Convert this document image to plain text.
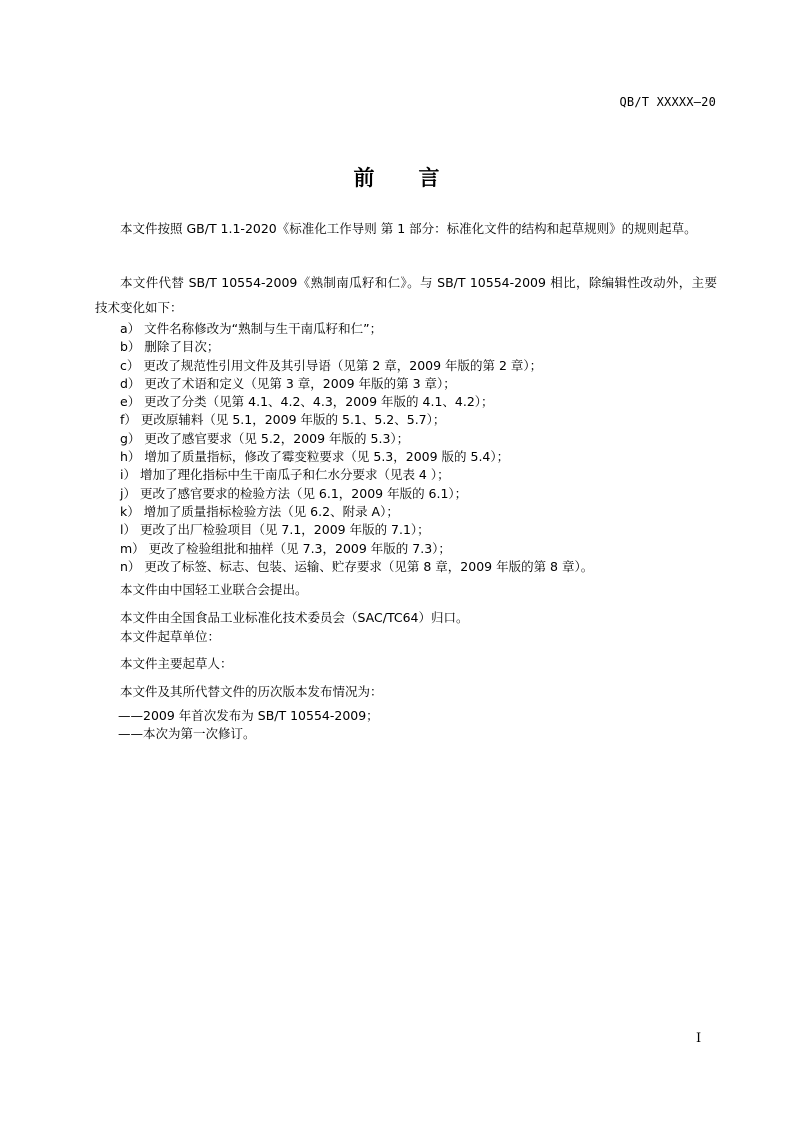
QB/T XXXXX—20
前言

本文件按照 GB/T 1.1-2020《标准化工作导则 第 1 部分：标准化文件的结构和起草规则》的规则起草。

本文件代替 SB/T 10554-2009《熟制南瓜籽和仁》。与 SB/T 10554-2009 相比，除编辑性改动外，主要技术变化如下：

a） 文件名称修改为“熟制与生干南瓜籽和仁”；
b） 删除了目次；
c） 更改了规范性引用文件及其引导语（见第 2 章，2009 年版的第 2 章）；
d） 更改了术语和定义（见第 3 章，2009 年版的第 3 章）；
e） 更改了分类（见第 4.1、4.2、4.3，2009 年版的 4.1、4.2）；
f） 更改原辅料（见 5.1，2009 年版的 5.1、5.2、5.7）；
g） 更改了感官要求（见 5.2，2009 年版的 5.3）；
h） 增加了质量指标，修改了霉变粒要求（见 5.3，2009 版的 5.4）；
i） 增加了理化指标中生干南瓜子和仁水分要求（见表 4 ）；
j） 更改了感官要求的检验方法（见 6.1，2009 年版的 6.1）；
k） 增加了质量指标检验方法（见 6.2、附录 A）；
l） 更改了出厂检验项目（见 7.1，2009 年版的 7.1）；
m） 更改了检验组批和抽样（见 7.3，2009 年版的 7.3）；
n） 更改了标签、标志、包装、运输、贮存要求（见第 8 章，2009 年版的第 8 章）。
本文件由中国轻工业联合会提出。
本文件由全国食品工业标准化技术委员会（SAC/TC64）归口。
本文件起草单位：
本文件主要起草人：
本文件及其所代替文件的历次版本发布情况为：
——2009 年首次发布为 SB/T 10554-2009；
——本次为第一次修订。
I
